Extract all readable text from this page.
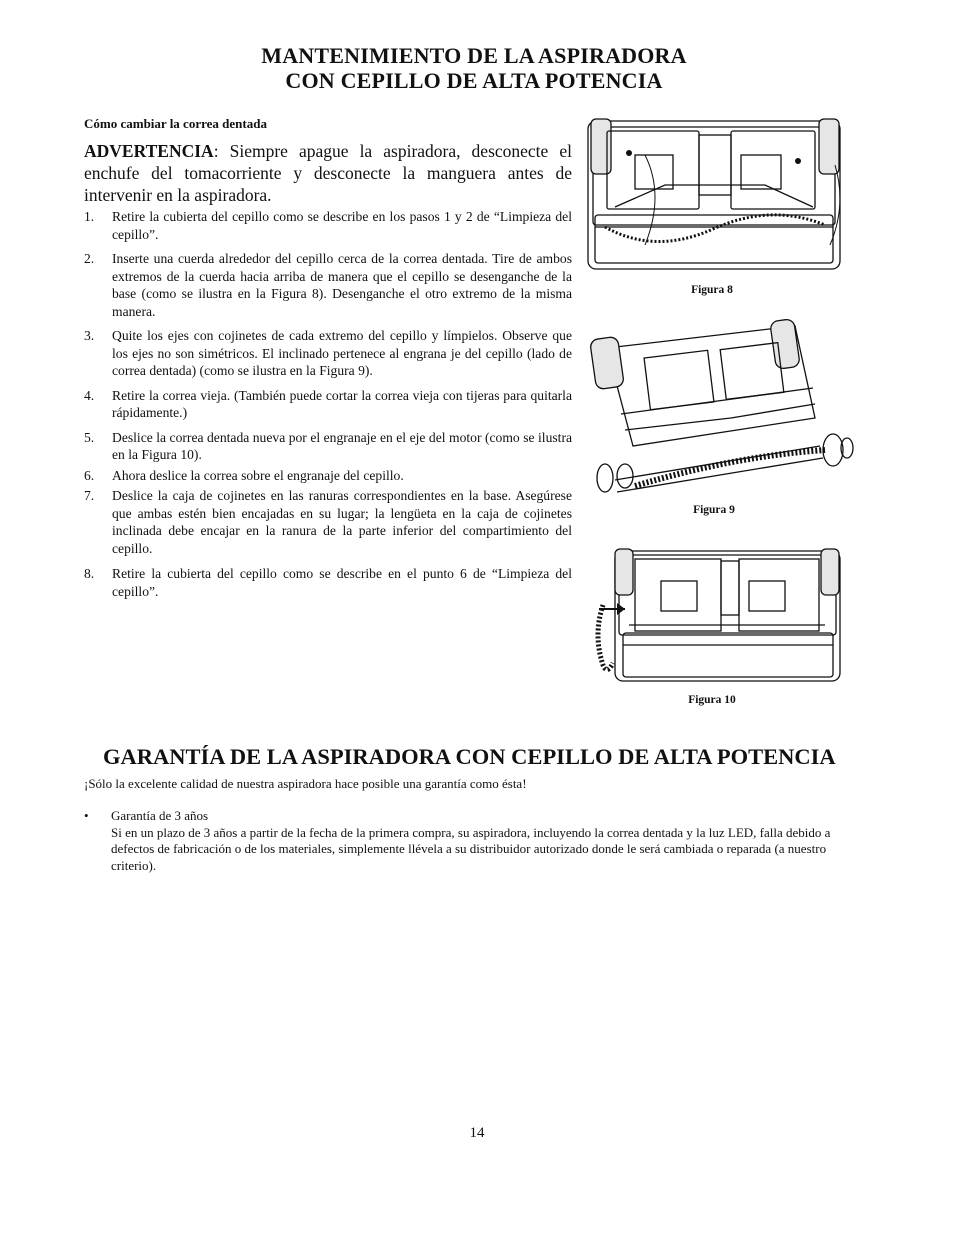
MANTENIMIENTO DE LA ASPIRADORA
CON CEPILLO DE ALTA POTENCIA
Cómo cambiar la correa dentada
ADVERTENCIA: Siempre apague la aspiradora, desconecte el enchufe del tomacorriente y desconecte la manguera antes de intervenir en la aspiradora.
1. Retire la cubierta del cepillo como se describe en los pasos 1 y 2 de “Limpieza del cepillo”.
2. Inserte una cuerda alrededor del cepillo cerca de la correa dentada. Tire de ambos extremos de la cuerda hacia arriba de manera que el cepillo se desenganche de la base (como se ilustra en la Figura 8). Desenganche el otro extremo de la misma manera.
3. Quite los ejes con cojinetes de cada extremo del cepillo y límpielos. Observe que los ejes no son simétricos. El inclinado pertenece al engrana je del cepillo (lado de correa dentada) (como se ilustra en la Figura 9).
4. Retire la correa vieja. (También puede cortar la correa vieja con tijeras para quitarla rápidamente.)
5. Deslice la correa dentada nueva por el engranaje en el eje del motor (como se ilustra en la Figura 10).
6. Ahora deslice la correa sobre el engranaje del cepillo.
7. Deslice la caja de cojinetes en las ranuras correspondientes en la base. Asegúrese que ambas estén bien encajadas en su lugar; la lengüeta en la caja de cojinetes inclinada debe encajar en la ranura de la parte inferior del compartimiento del cepillo.
8. Retire la cubierta del cepillo como se describe en el punto 6 de “Limpieza del cepillo”.
Figura 8
Figura 9
Figura 10
GARANTÍA DE LA ASPIRADORA CON CEPILLO DE ALTA POTENCIA
¡Sólo la excelente calidad de nuestra aspiradora hace posible una garantía como ésta!
• Garantía de 3 años
Si en un plazo de 3 años a partir de la fecha de la primera compra, su aspiradora, incluyendo la correa dentada y la luz LED, falla debido a defectos de fabricación o de los materiales, simplemente llévela a su distribuidor autorizado donde le será cambiada o reparada (a nuestro criterio).
14
